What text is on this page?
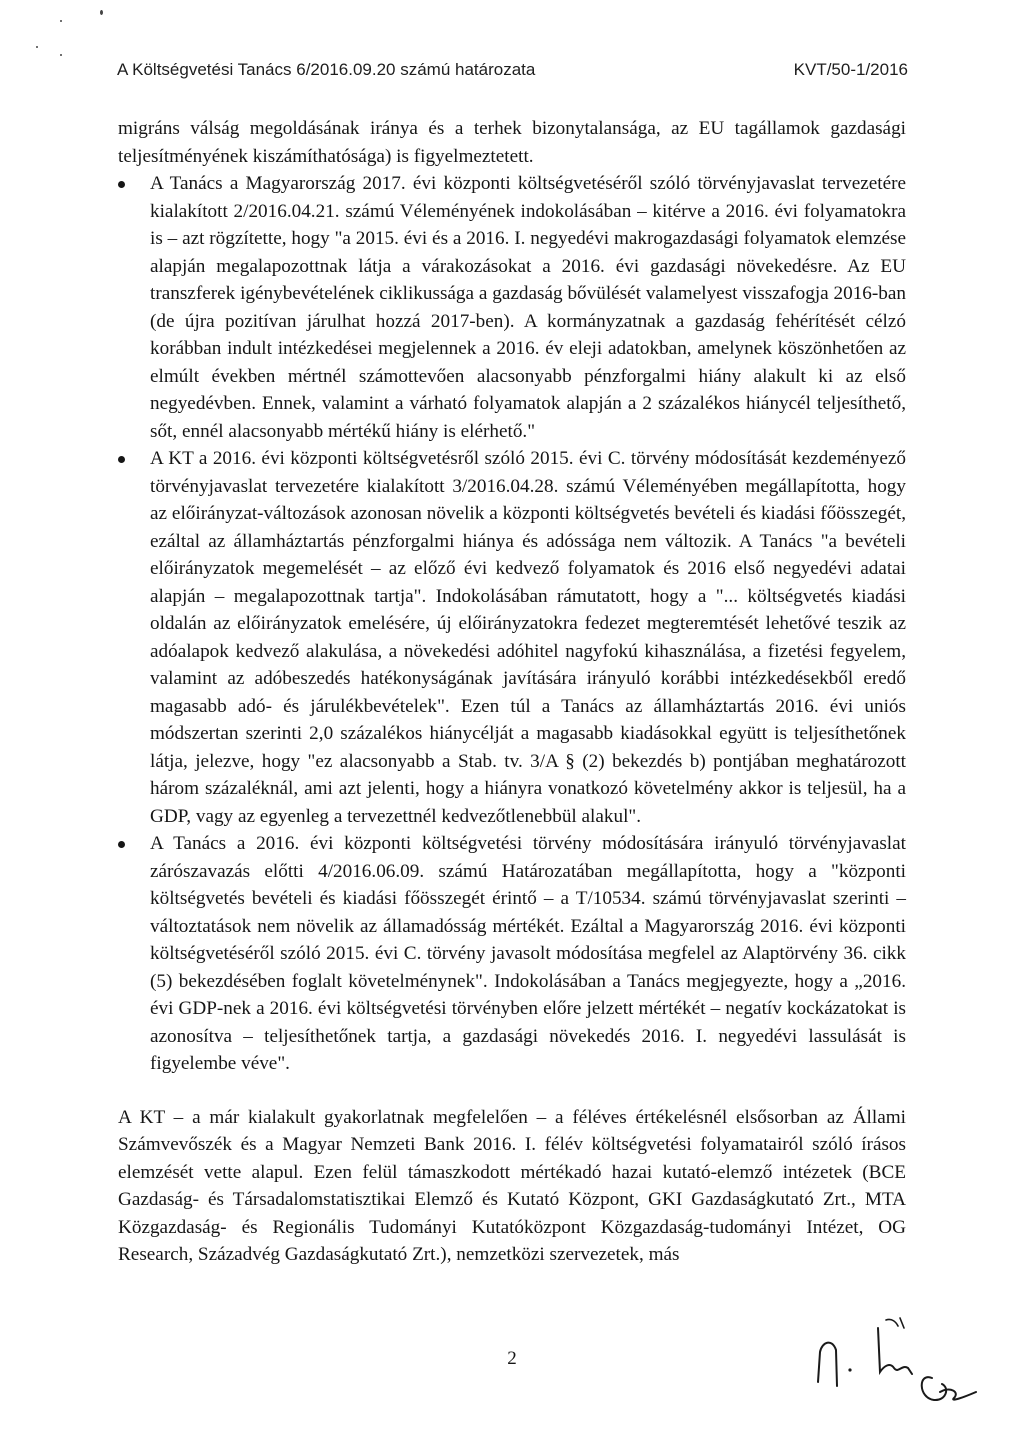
A Költségvetési Tanács 6/2016.09.20 számú határozata	KVT/50-1/2016

migráns válság megoldásának iránya és a terhek bizonytalansága, az EU tagállamok gazdasági teljesítményének kiszámíthatósága) is figyelmeztetett.

A Tanács a Magyarország 2017. évi központi költségvetéséről szóló törvényjavaslat tervezetére kialakított 2/2016.04.21. számú Véleményének indokolásában – kitérve a 2016. évi folyamatokra is – azt rögzítette, hogy "a 2015. évi és a 2016. I. negyedévi makrogazdasági folyamatok elemzése alapján megalapozottnak látja a várakozásokat a 2016. évi gazdasági növekedésre. Az EU transzferek igénybevételének ciklikussága a gazdaság bővülését valamelyest visszafogja 2016-ban (de újra pozitívan járulhat hozzá 2017-ben). A kormányzatnak a gazdaság fehérítését célzó korábban indult intézkedései megjelennek a 2016. év eleji adatokban, amelynek köszönhetően az elmúlt években mértnél számottevően alacsonyabb pénzforgalmi hiány alakult ki az első negyedévben. Ennek, valamint a várható folyamatok alapján a 2 százalékos hiánycél teljesíthető, sőt, ennél alacsonyabb mértékű hiány is elérhető."
A KT a 2016. évi központi költségvetésről szóló 2015. évi C. törvény módosítását kezdeményező törvényjavaslat tervezetére kialakított 3/2016.04.28. számú Véleményében megállapította, hogy az előirányzat-változások azonosan növelik a központi költségvetés bevételi és kiadási főösszegét, ezáltal az államháztartás pénzforgalmi hiánya és adóssága nem változik. A Tanács "a bevételi előirányzatok megemelését – az előző évi kedvező folyamatok és 2016 első negyedévi adatai alapján – megalapozottnak tartja". Indokolásában rámutatott, hogy a "... költségvetés kiadási oldalán az előirányzatok emelésére, új előirányzatokra fedezet megteremtését lehetővé teszik az adóalapok kedvező alakulása, a növekedési adóhitel nagyfokú kihasználása, a fizetési fegyelem, valamint az adóbeszedés hatékonyságának javítására irányuló korábbi intézkedésekből eredő magasabb adó- és járulékbevételek". Ezen túl a Tanács az államháztartás 2016. évi uniós módszertan szerinti 2,0 százalékos hiánycélját a magasabb kiadásokkal együtt is teljesíthetőnek látja, jelezve, hogy "ez alacsonyabb a Stab. tv. 3/A § (2) bekezdés b) pontjában meghatározott három százaléknál, ami azt jelenti, hogy a hiányra vonatkozó követelmény akkor is teljesül, ha a GDP, vagy az egyenleg a tervezettnél kedvezőtlenebbül alakul".
A Tanács a 2016. évi központi költségvetési törvény módosítására irányuló törvényjavaslat zárószavazás előtti 4/2016.06.09. számú Határozatában megállapította, hogy a "központi költségvetés bevételi és kiadási főösszegét érintő – a T/10534. számú törvényjavaslat szerinti – változtatások nem növelik az államadósság mértékét. Ezáltal a Magyarország 2016. évi központi költségvetéséről szóló 2015. évi C. törvény javasolt módosítása megfelel az Alaptörvény 36. cikk (5) bekezdésében foglalt követelménynek". Indokolásában a Tanács megjegyezte, hogy a „2016. évi GDP-nek a 2016. évi költségvetési törvényben előre jelzett mértékét – negatív kockázatokat is azonosítva – teljesíthetőnek tartja, a gazdasági növekedés 2016. I. negyedévi lassulását is figyelembe véve".

A KT – a már kialakult gyakorlatnak megfelelően – a féléves értékelésnél elsősorban az Állami Számvevőszék és a Magyar Nemzeti Bank 2016. I. félév költségvetési folyamatairól szóló írásos elemzését vette alapul. Ezen felül támaszkodott mértékadó hazai kutató-elemző intézetek (BCE Gazdaság- és Társadalomstatisztikai Elemző és Kutató Központ, GKI Gazdaságkutató Zrt., MTA Közgazdaság- és Regionális Tudományi Kutatóközpont Közgazdaság-tudományi Intézet, OG Research, Századvég Gazdaságkutató Zrt.), nemzetközi szervezetek, más

2
